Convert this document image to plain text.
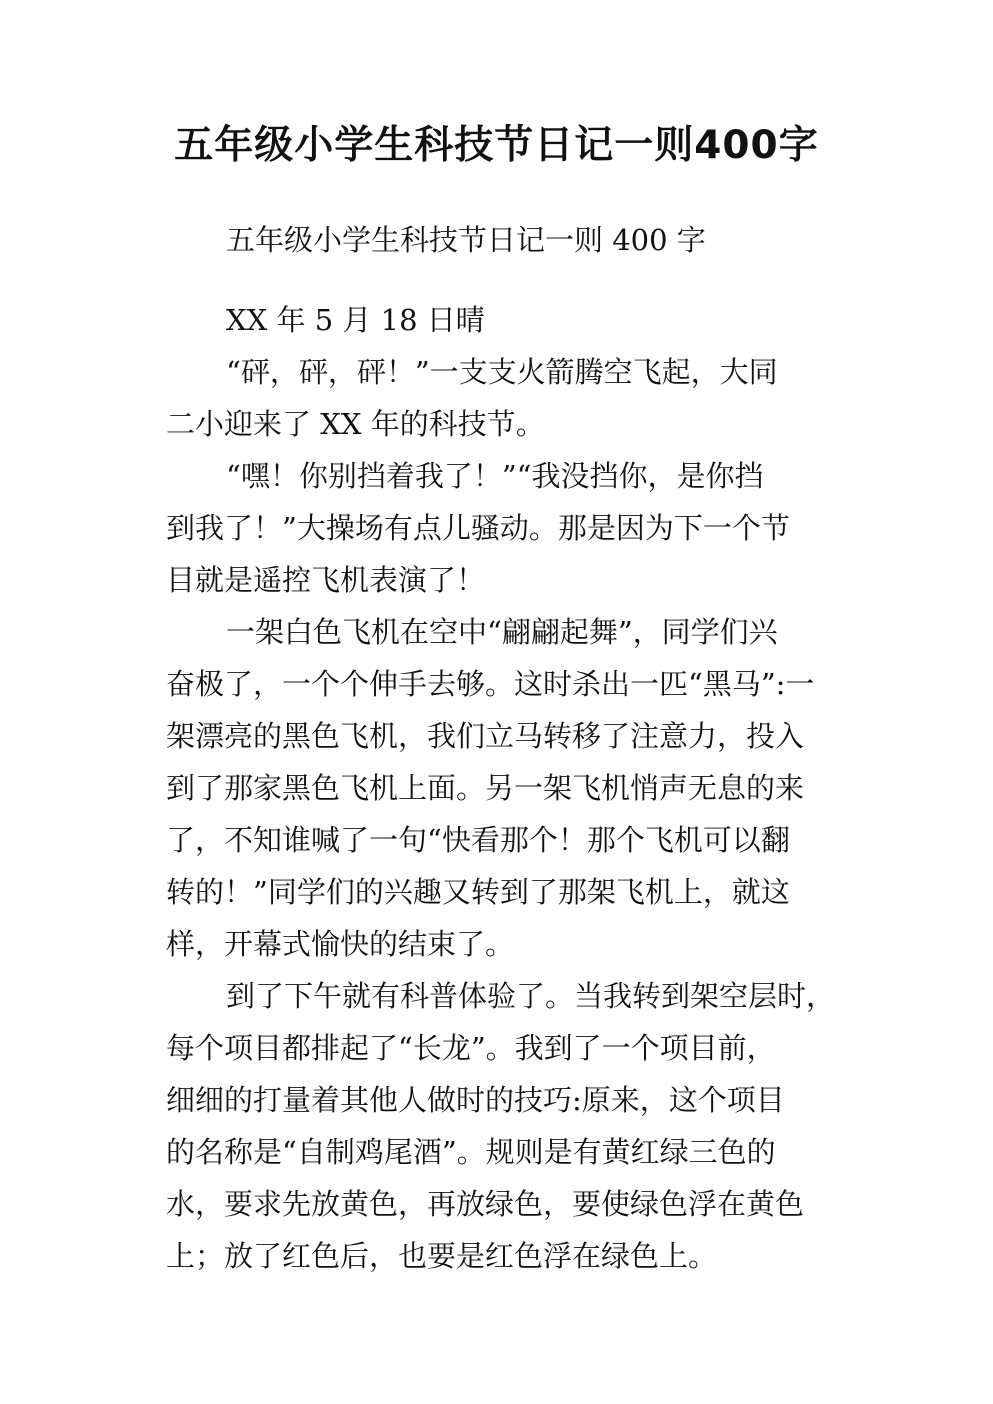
五年级小学生科技节日记一则400字

五年级小学生科技节日记一则 400 字

XX 年 5 月 18 日晴

“砰，砰，砰！”一支支火箭腾空飞起，大同

二小迎来了 XX 年的科技节。

“嘿！你别挡着我了！”“我没挡你，是你挡

到我了！”大操场有点儿骚动。那是因为下一个节

目就是遥控飞机表演了！

一架白色飞机在空中“翩翩起舞”，同学们兴

奋极了，一个个伸手去够。这时杀出一匹“黑马”:一

架漂亮的黑色飞机，我们立马转移了注意力，投入

到了那家黑色飞机上面。另一架飞机悄声无息的来

了，不知谁喊了一句“快看那个！那个飞机可以翻

转的！”同学们的兴趣又转到了那架飞机上，就这

样，开幕式愉快的结束了。

到了下午就有科普体验了。当我转到架空层时，

每个项目都排起了“长龙”。我到了一个项目前，

细细的打量着其他人做时的技巧:原来，这个项目

的名称是“自制鸡尾酒”。规则是有黄红绿三色的

水，要求先放黄色，再放绿色，要使绿色浮在黄色

上；放了红色后，也要是红色浮在绿色上。
